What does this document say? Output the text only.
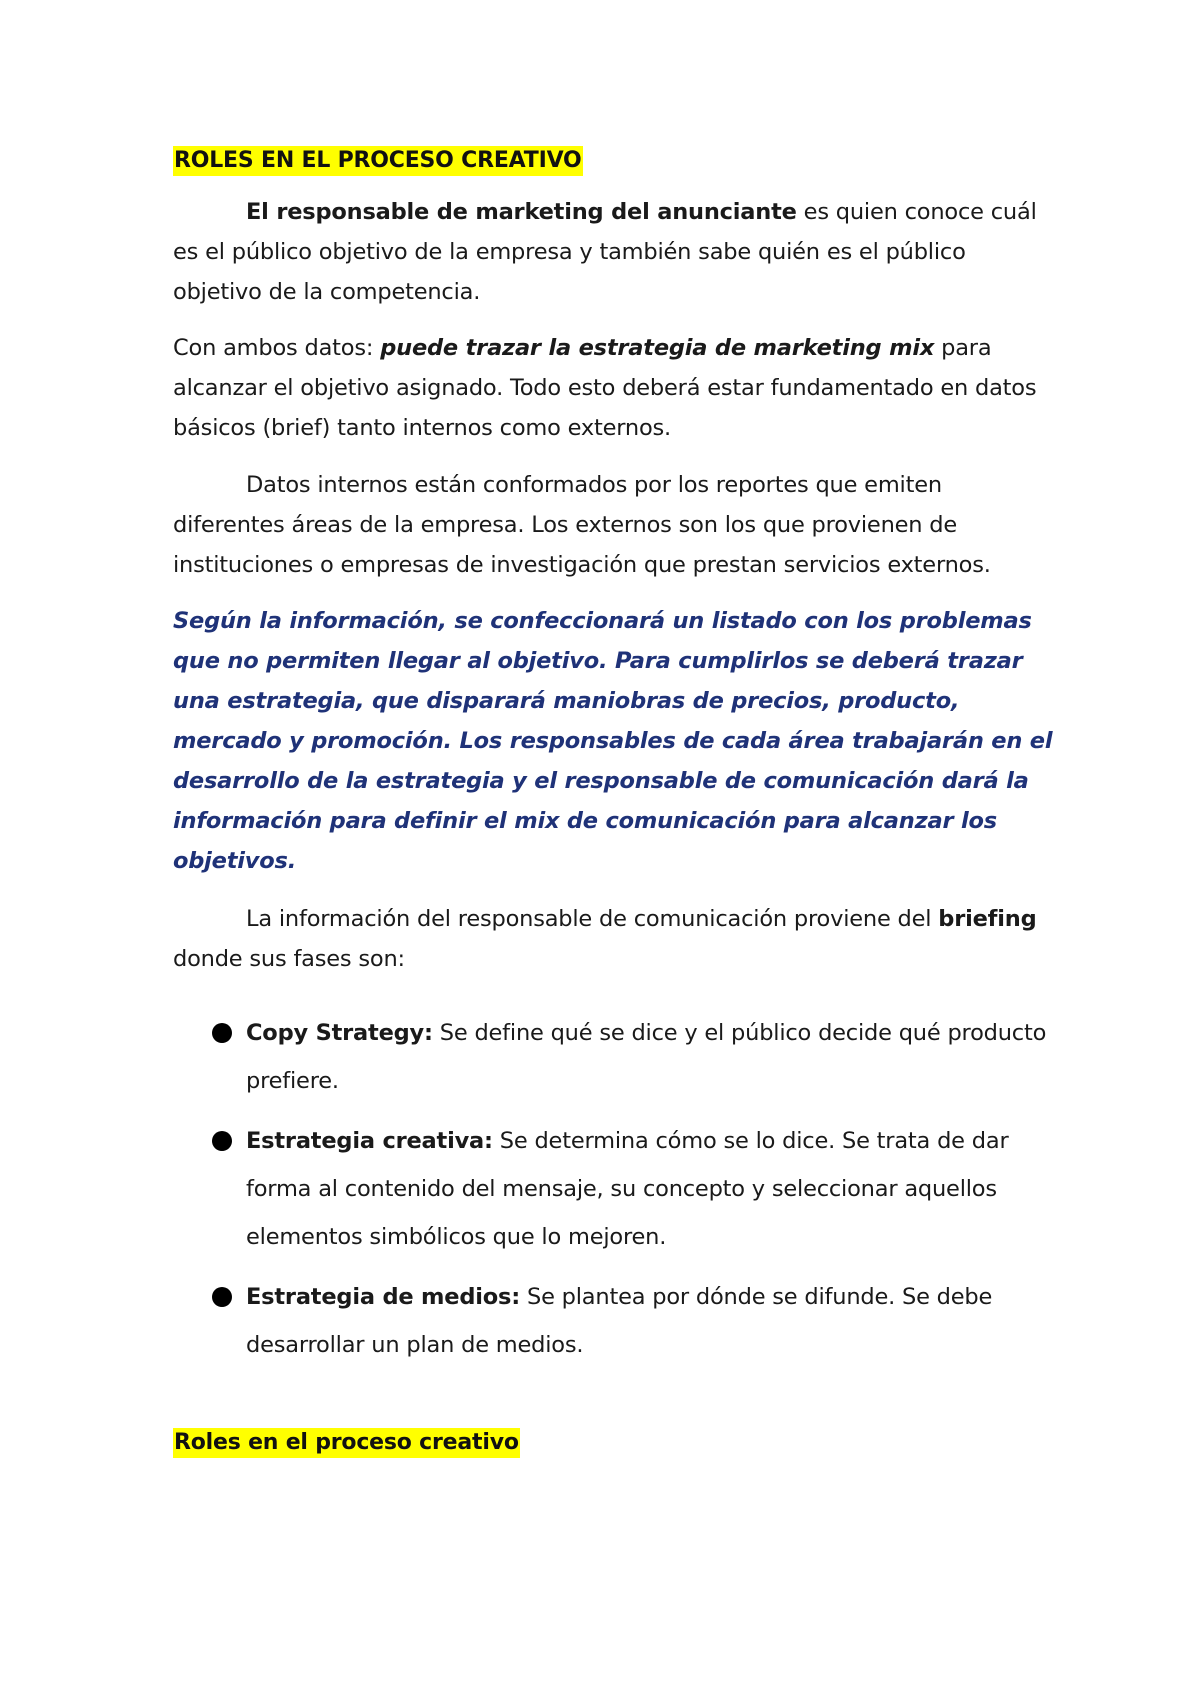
ROLES EN EL PROCESO CREATIVO

El responsable de marketing del anunciante es quien conoce cuál es el público objetivo de la empresa y también sabe quién es el público objetivo de la competencia.

Con ambos datos: puede trazar la estrategia de marketing mix para alcanzar el objetivo asignado. Todo esto deberá estar fundamentado en datos básicos (brief) tanto internos como externos.

Datos internos están conformados por los reportes que emiten diferentes áreas de la empresa. Los externos son los que provienen de instituciones o empresas de investigación que prestan servicios externos.

Según la información, se confeccionará un listado con los problemas que no permiten llegar al objetivo. Para cumplirlos se deberá trazar una estrategia, que disparará maniobras de precios, producto, mercado y promoción. Los responsables de cada área trabajarán en el desarrollo de la estrategia y el responsable de comunicación dará la información para definir el mix de comunicación para alcanzar los objetivos.

La información del responsable de comunicación proviene del briefing donde sus fases son:

Copy Strategy: Se define qué se dice y el público decide qué producto prefiere.
Estrategia creativa: Se determina cómo se lo dice. Se trata de dar forma al contenido del mensaje, su concepto y seleccionar aquellos elementos simbólicos que lo mejoren.
Estrategia de medios: Se plantea por dónde se difunde. Se debe desarrollar un plan de medios.
Roles en el proceso creativo
